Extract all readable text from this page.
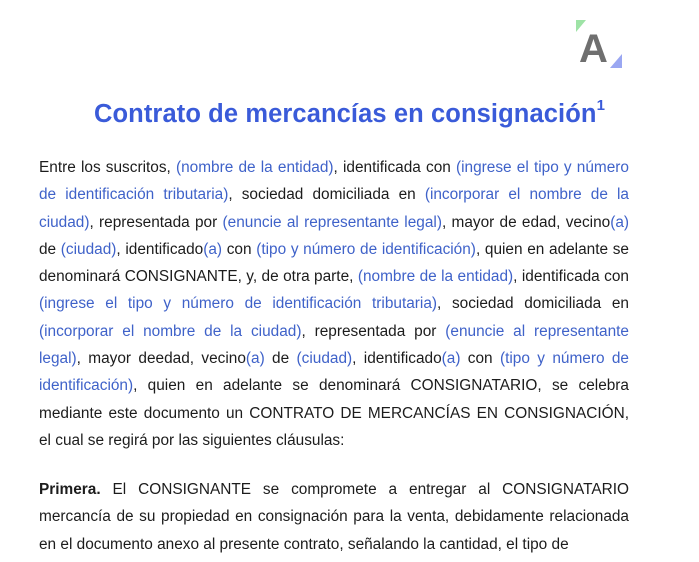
A
Contrato de mercancías en consignación$^1$

Entre los suscritos, (nombre de la entidad), identificada con (ingrese el tipo y número de identificación tributaria), sociedad domiciliada en (incorporar el nombre de la ciudad), representada por (enuncie al representante legal), mayor de edad, vecino(a) de (ciudad), identificado(a) con (tipo y número de identificación), quien en adelante se denominará CONSIGNANTE, y, de otra parte, (nombre de la entidad), identificada con (ingrese el tipo y número de identificación tributaria), sociedad domiciliada en (incorporar el nombre de la ciudad), representada por (enuncie al representante legal), mayor deedad, vecino(a) de (ciudad), identificado(a) con (tipo y número de identificación), quien en adelante se denominará CONSIGNATARIO, se celebra mediante este documento un CONTRATO DE MERCANCÍAS EN CONSIGNACIÓN, el cual se regirá por las siguientes cláusulas:

Primera. El CONSIGNANTE se compromete a entregar al CONSIGNATARIO mercancía de su propiedad en consignación para la venta, debidamente relacionada en el documento anexo al presente contrato, señalando la cantidad, el tipo de
